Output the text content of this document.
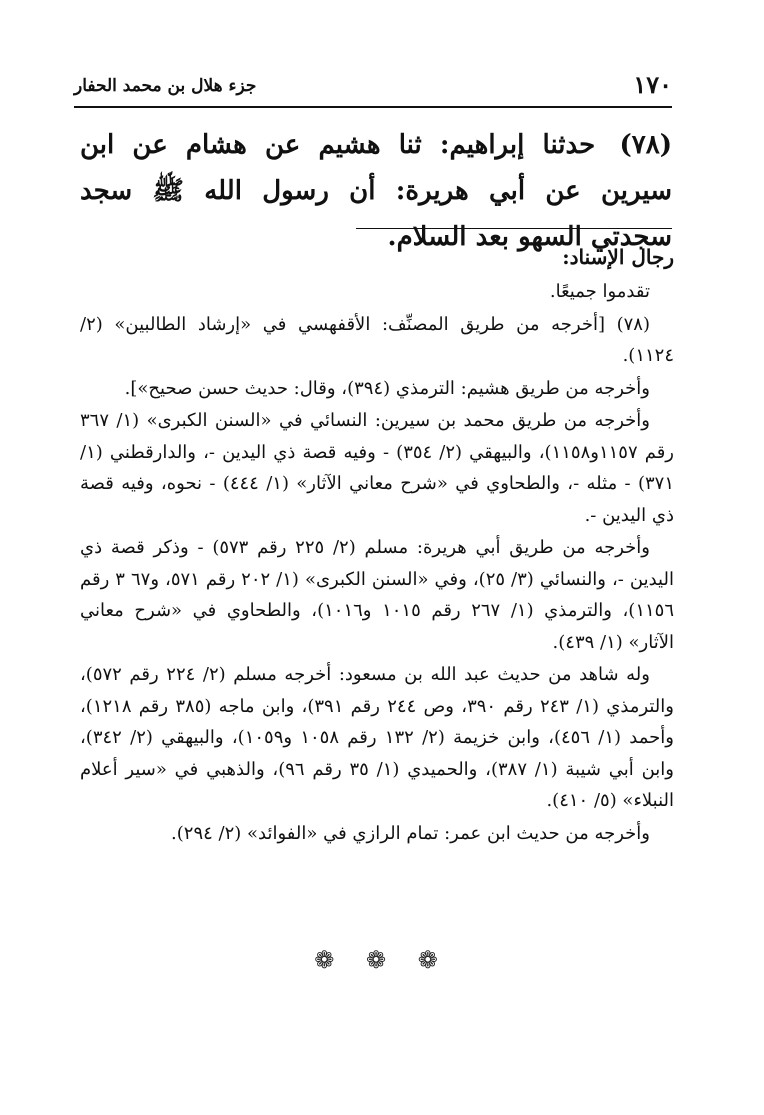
١٧٠
جزء هلال بن محمد الحفار
(٧٨) حدثنا إبراهيم: ثنا هشيم عن هشام عن ابن سيرين عن أبي هريرة: أن رسول الله ﷺ سجد سجدتي السهو بعد السلام.
رجال الإسناد:

تقدموا جميعًا.

(٧٨) [أخرجه من طريق المصنِّف: الأقفهسي في «إرشاد الطالبين» (٢/ ١١٢٤).

وأخرجه من طريق هشيم: الترمذي (٣٩٤)، وقال: حديث حسن صحيح»].

وأخرجه من طريق محمد بن سيرين: النسائي في «السنن الكبرى» (١/ ٣٦٧ رقم ١١٥٧و١١٥٨)، والبيهقي (٢/ ٣٥٤) - وفيه قصة ذي اليدين -، والدارقطني (١/ ٣٧١) - مثله -، والطحاوي في «شرح معاني الآثار» (١/ ٤٤٤) - نحوه، وفيه قصة ذي اليدين -.

وأخرجه من طريق أبي هريرة: مسلم (٢/ ٢٢٥ رقم ٥٧٣) - وذكر قصة ذي اليدين -، والنسائي (٣/ ٢٥)، وفي «السنن الكبرى» (١/ ٢٠٢ رقم ٥٧١، و٦٧ ٣ رقم ١١٥٦)، والترمذي (١/ ٢٦٧ رقم ١٠١٥ و١٠١٦)، والطحاوي في «شرح معاني الآثار» (١/ ٤٣٩).

وله شاهد من حديث عبد الله بن مسعود: أخرجه مسلم (٢/ ٢٢٤ رقم ٥٧٢)، والترمذي (١/ ٢٤٣ رقم ٣٩٠، وص ٢٤٤ رقم ٣٩١)، وابن ماجه (٣٨٥ رقم ١٢١٨)، وأحمد (١/ ٤٥٦)، وابن خزيمة (٢/ ١٣٢ رقم ١٠٥٨ و١٠٥٩)، والبيهقي (٢/ ٣٤٢)، وابن أبي شيبة (١/ ٣٨٧)، والحميدي (١/ ٣٥ رقم ٩٦)، والذهبي في «سير أعلام النبلاء» (٥/ ٤١٠).

وأخرجه من حديث ابن عمر: تمام الرازي في «الفوائد» (٢/ ٢٩٤).

❁ ❁ ❁
